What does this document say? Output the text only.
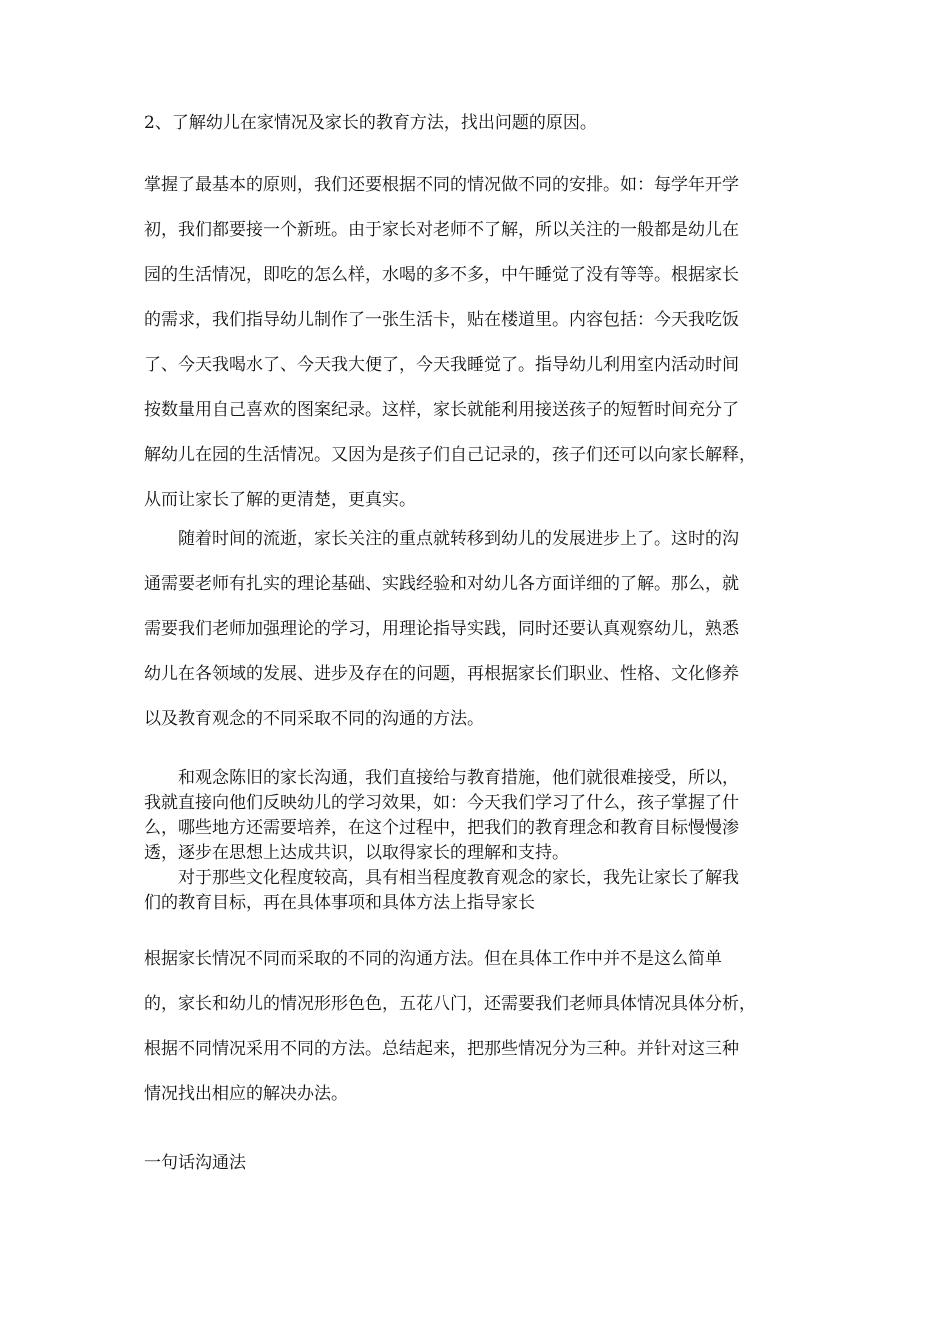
2、了解幼儿在家情况及家长的教育方法，找出问题的原因。

掌握了最基本的原则，我们还要根据不同的情况做不同的安排。如：每学年开学
初，我们都要接一个新班。由于家长对老师不了解，所以关注的一般都是幼儿在
园的生活情况，即吃的怎么样，水喝的多不多，中午睡觉了没有等等。根据家长
的需求，我们指导幼儿制作了一张生活卡，贴在楼道里。内容包括：今天我吃饭
了、今天我喝水了、今天我大便了，今天我睡觉了。指导幼儿利用室内活动时间
按数量用自己喜欢的图案纪录。这样，家长就能利用接送孩子的短暂时间充分了
解幼儿在园的生活情况。又因为是孩子们自己记录的，孩子们还可以向家长解释，
从而让家长了解的更清楚，更真实。
随着时间的流逝，家长关注的重点就转移到幼儿的发展进步上了。这时的沟
通需要老师有扎实的理论基础、实践经验和对幼儿各方面详细的了解。那么，就
需要我们老师加强理论的学习，用理论指导实践，同时还要认真观察幼儿，熟悉
幼儿在各领域的发展、进步及存在的问题，再根据家长们职业、性格、文化修养
以及教育观念的不同采取不同的沟通的方法。
和观念陈旧的家长沟通，我们直接给与教育措施，他们就很难接受，所以，
我就直接向他们反映幼儿的学习效果，如：今天我们学习了什么，孩子掌握了什
么，哪些地方还需要培养，在这个过程中，把我们的教育理念和教育目标慢慢渗
透，逐步在思想上达成共识，以取得家长的理解和支持。
对于那些文化程度较高，具有相当程度教育观念的家长，我先让家长了解我
们的教育目标，再在具体事项和具体方法上指导家长
根据家长情况不同而采取的不同的沟通方法。但在具体工作中并不是这么简单
的，家长和幼儿的情况形形色色，五花八门，还需要我们老师具体情况具体分析，
根据不同情况采用不同的方法。总结起来，把那些情况分为三种。并针对这三种
情况找出相应的解决办法。

一句话沟通法
